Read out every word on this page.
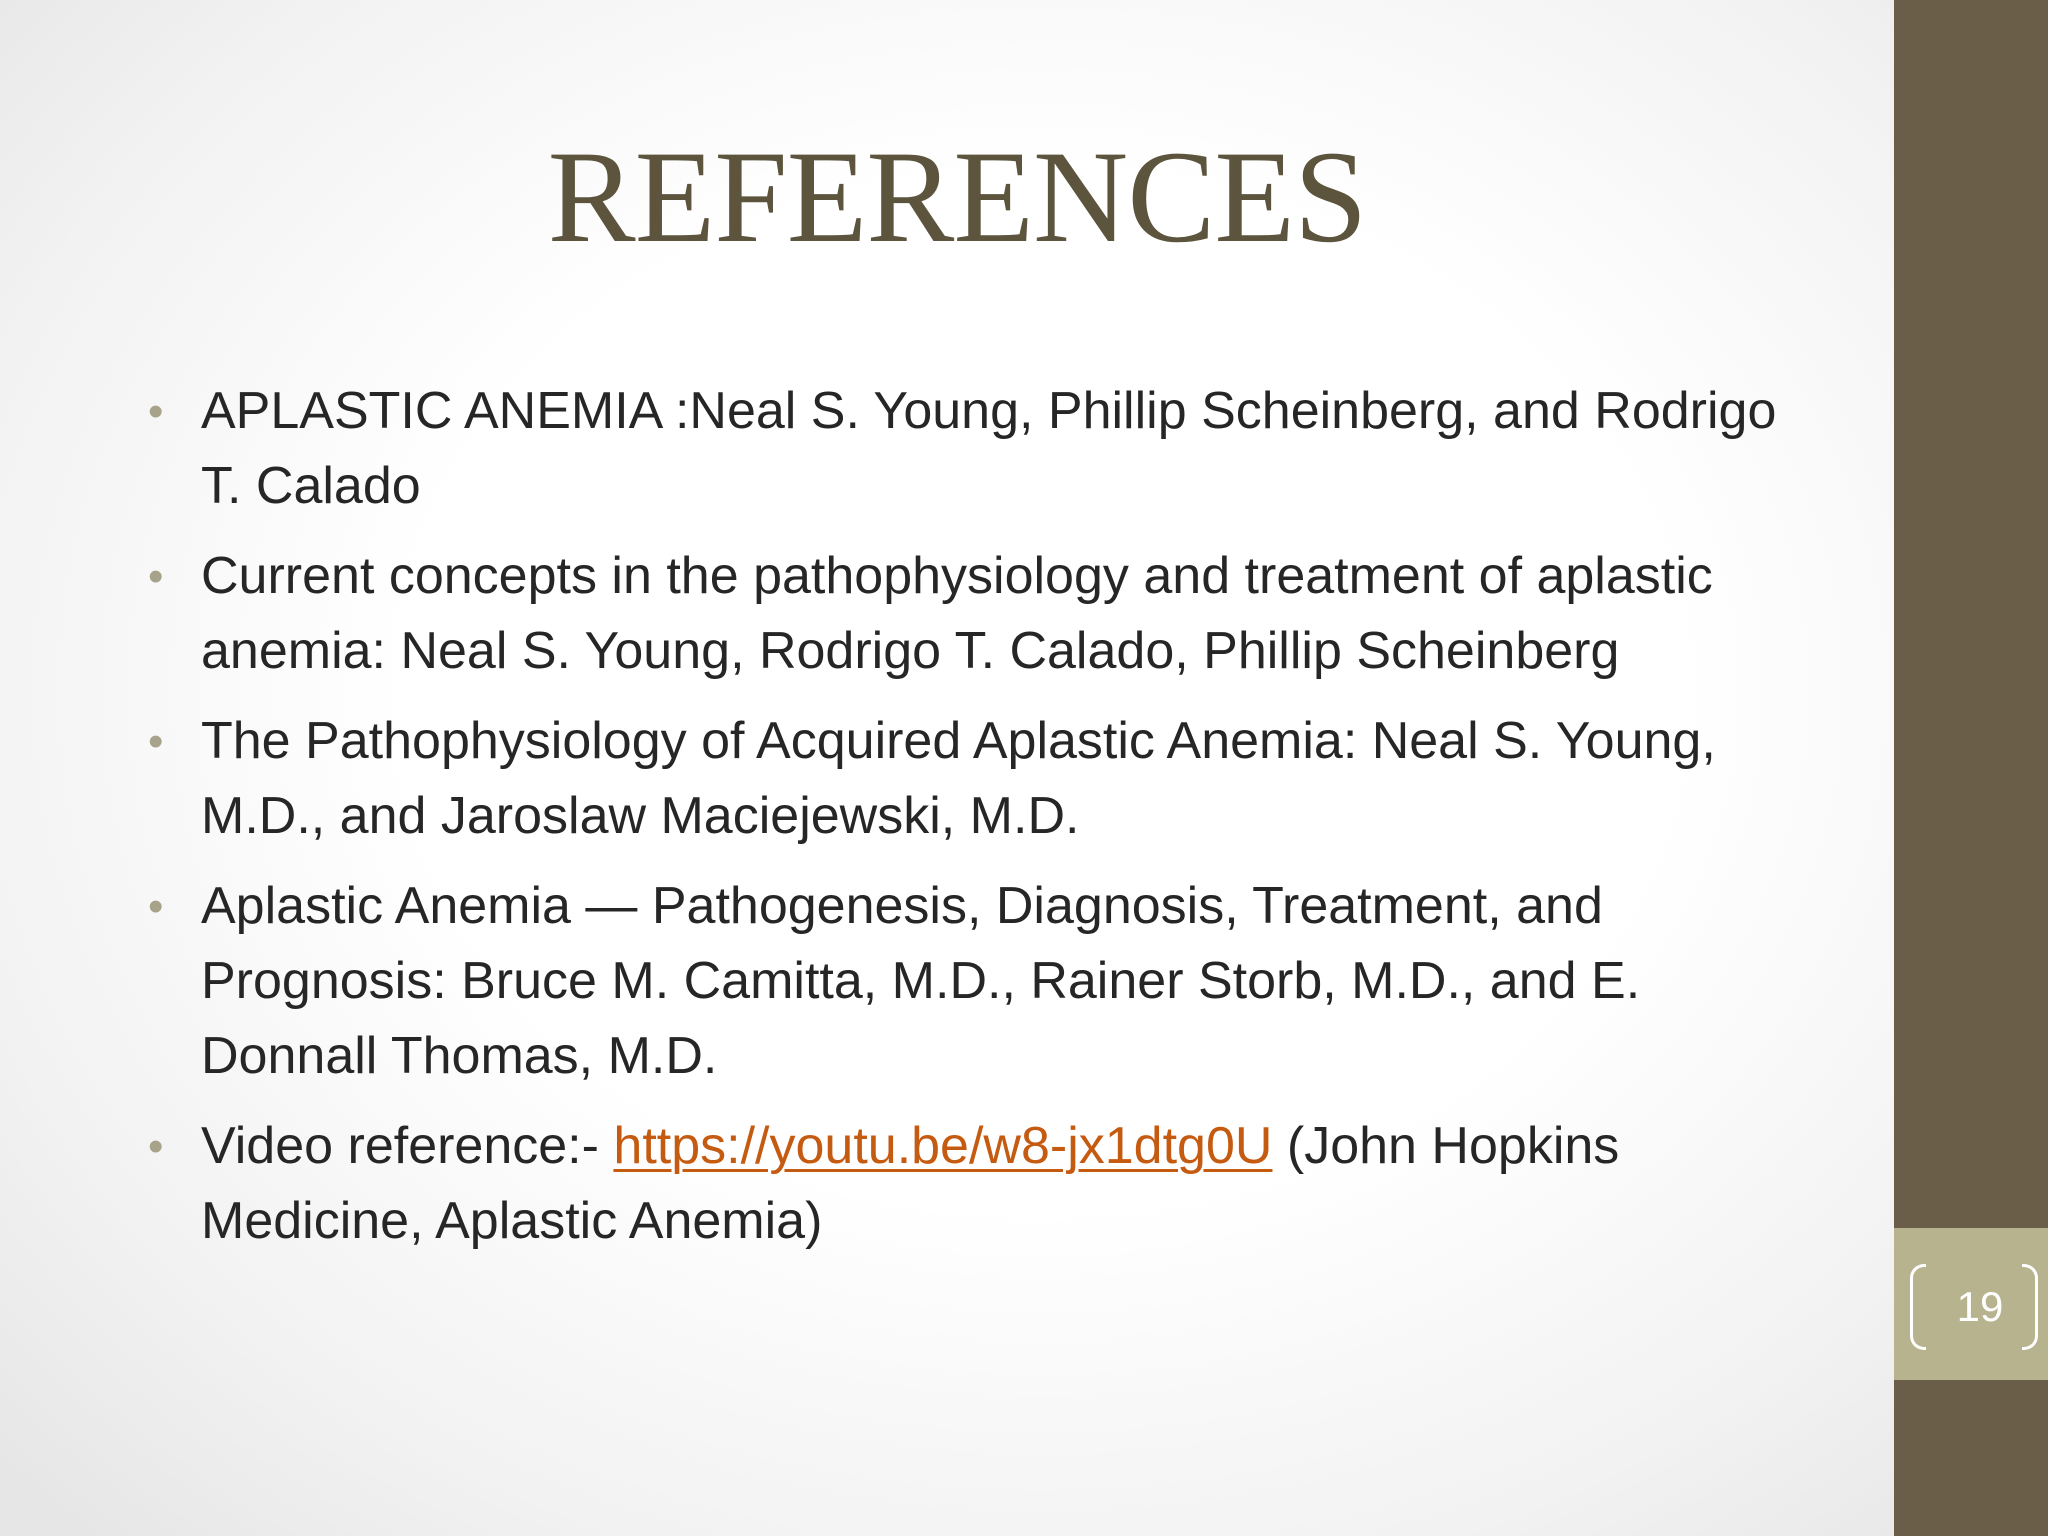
REFERENCES
• APLASTIC ANEMIA :Neal S. Young, Phillip Scheinberg, and Rodrigo T. Calado
• Current concepts in the pathophysiology and treatment of aplastic anemia: Neal S. Young, Rodrigo T. Calado, Phillip Scheinberg
• The Pathophysiology of Acquired Aplastic Anemia: Neal S. Young, M.D., and Jaroslaw Maciejewski, M.D.
• Aplastic Anemia — Pathogenesis, Diagnosis, Treatment, and Prognosis: Bruce M. Camitta, M.D., Rainer Storb, M.D., and E. Donnall Thomas, M.D.
• Video reference:- https://youtu.be/w8-jx1dtg0U (John Hopkins Medicine, Aplastic Anemia)
19
